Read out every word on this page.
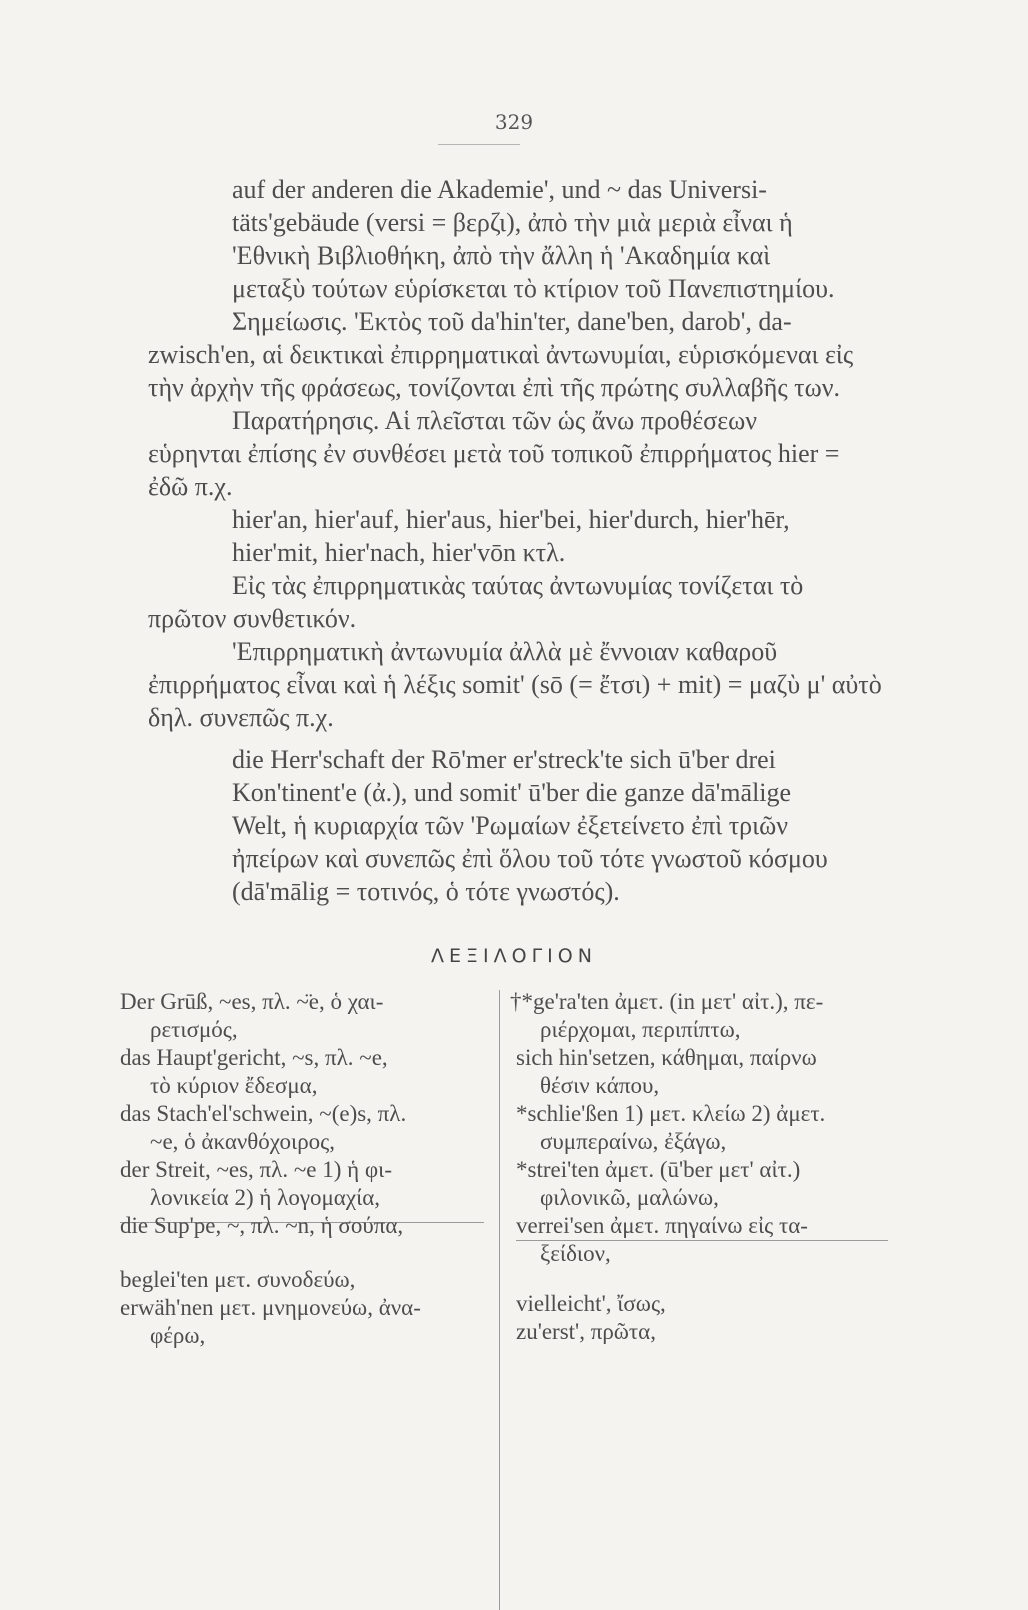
329
auf der anderen die Akademie', und ~ das Universi-
täts'gebäude (versi = βερζι), ἀπὸ τὴν μιὰ μεριὰ εἶναι ἡ
'Εθνικὴ Βιβλιοθήκη, ἀπὸ τὴν ἄλλη ἡ 'Ακαδημία καὶ
μεταξὺ τούτων εὑρίσκεται τὸ κτίριον τοῦ Πανεπιστημίου.
Σημείωσις. 'Εκτὸς τοῦ da'hin'ter, dane'ben, darob', da-
zwisch'en, αἱ δεικτικαὶ ἐπιρρηματικαὶ ἀντωνυμίαι, εὑρισκόμεναι εἰς
τὴν ἀρχὴν τῆς φράσεως, τονίζονται ἐπὶ τῆς πρώτης συλλαβῆς των.
Παρατήρησις. Αἱ πλεῖσται τῶν ὡς ἄνω προθέσεων
εὑρηνται ἐπίσης ἐν συνθέσει μετὰ τοῦ τοπικοῦ ἐπιρρήματος hier =
ἐδῶ π.χ.
hier'an, hier'auf, hier'aus, hier'bei, hier'durch, hier'hēr,
hier'mit, hier'nach, hier'vōn κτλ.
Εἰς τὰς ἐπιρρηματικὰς ταύτας ἀντωνυμίας τονίζεται τὸ
πρῶτον συνθετικόν.
'Επιρρηματικὴ ἀντωνυμία ἀλλὰ μὲ ἔννοιαν καθαροῦ
ἐπιρρήματος εἶναι καὶ ἡ λέξις somit' (sō (= ἔτσι) + mit) = μαζὺ μ' αὐτὸ
δηλ. συνεπῶς π.χ.
die Herr'schaft der Rō'mer er'streck'te sich ū'ber drei
Kon'tinent'e (ἀ.), und somit' ū'ber die ganze dā'mālige
Welt, ἡ κυριαρχία τῶν 'Ρωμαίων ἐξετείνετο ἐπὶ τριῶν
ἠπείρων καὶ συνεπῶς ἐπὶ ὅλου τοῦ τότε γνωστοῦ κόσμου
(dā'mālig = τοτινός, ὁ τότε γνωστός).
ΛΕΞΙΛΟΓΙΟΝ
Der Grūß, ~es, πλ. ~̈e, ὁ χαι-
ρετισμός,
das Haupt'gericht, ~s, πλ. ~e,
τὸ κύριον ἔδεσμα,
das Stach'el'schwein, ~(e)s, πλ.
~e, ὁ ἀκανθόχοιρος,
der Streit, ~es, πλ. ~e 1) ἡ φι-
λονικεία 2) ἡ λογομαχία,
die Sup'pe, ~, πλ. ~n, ἡ σούπα,
beglei'ten μετ. συνοδεύω,
erwäh'nen μετ. μνημονεύω, ἀνα-
φέρω,
†*ge'ra'ten ἀμετ. (in μετ' αἰτ.), πε-
ριέρχομαι, περιπίπτω,
sich hin'setzen, κάθημαι, παίρνω
θέσιν κάπου,
*schlie'ßen 1) μετ. κλείω 2) ἀμετ.
συμπεραίνω, ἐξάγω,
*strei'ten ἀμετ. (ū'ber μετ' αἰτ.)
φιλονικῶ, μαλώνω,
verrei'sen ἀμετ. πηγαίνω εἰς τα-
ξείδιον,
vielleicht', ἴσως,
zu'erst', πρῶτα,
